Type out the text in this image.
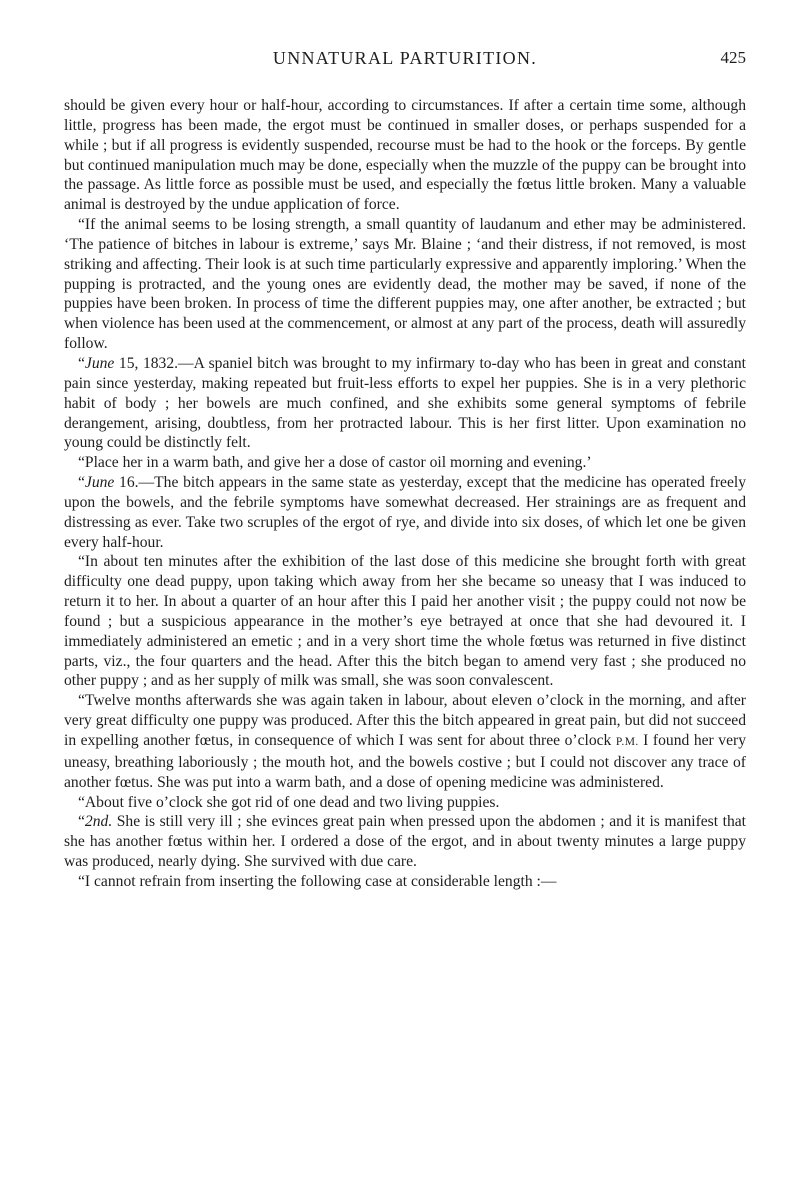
UNNATURAL PARTURITION.	425

should be given every hour or half-hour, according to circumstances. If after a certain time some, although little, progress has been made, the ergot must be continued in smaller doses, or perhaps suspended for a while ; but if all progress is evidently suspended, recourse must be had to the hook or the forceps. By gentle but continued manipulation much may be done, especially when the muzzle of the puppy can be brought into the passage. As little force as possible must be used, and especially the fœtus little broken. Many a valuable animal is destroyed by the undue application of force.

“If the animal seems to be losing strength, a small quantity of laudanum and ether may be administered. ‘The patience of bitches in labour is extreme,’ says Mr. Blaine ; ‘and their distress, if not removed, is most striking and affecting. Their look is at such time particularly expressive and apparently imploring.’ When the pupping is protracted, and the young ones are evidently dead, the mother may be saved, if none of the puppies have been broken. In process of time the different puppies may, one after another, be extracted ; but when violence has been used at the commencement, or almost at any part of the process, death will assuredly follow.

“June 15, 1832.—A spaniel bitch was brought to my infirmary to-day who has been in great and constant pain since yesterday, making repeated but fruit-less efforts to expel her puppies. She is in a very plethoric habit of body ; her bowels are much confined, and she exhibits some general symptoms of febrile derangement, arising, doubtless, from her protracted labour. This is her first litter. Upon examination no young could be distinctly felt.

“Place her in a warm bath, and give her a dose of castor oil morning and evening.’

“June 16.—The bitch appears in the same state as yesterday, except that the medicine has operated freely upon the bowels, and the febrile symptoms have somewhat decreased. Her strainings are as frequent and distressing as ever. Take two scruples of the ergot of rye, and divide into six doses, of which let one be given every half-hour.

“In about ten minutes after the exhibition of the last dose of this medicine she brought forth with great difficulty one dead puppy, upon taking which away from her she became so uneasy that I was induced to return it to her. In about a quarter of an hour after this I paid her another visit ; the puppy could not now be found ; but a suspicious appearance in the mother’s eye betrayed at once that she had devoured it. I immediately administered an emetic ; and in a very short time the whole fœtus was returned in five distinct parts, viz., the four quarters and the head. After this the bitch began to amend very fast ; she produced no other puppy ; and as her supply of milk was small, she was soon convalescent.

“Twelve months afterwards she was again taken in labour, about eleven o’clock in the morning, and after very great difficulty one puppy was produced. After this the bitch appeared in great pain, but did not succeed in expelling another fœtus, in consequence of which I was sent for about three o’clock P.M. I found her very uneasy, breathing laboriously ; the mouth hot, and the bowels costive ; but I could not discover any trace of another fœtus. She was put into a warm bath, and a dose of opening medicine was administered.

“About five o’clock she got rid of one dead and two living puppies.

“2nd. She is still very ill ; she evinces great pain when pressed upon the abdomen ; and it is manifest that she has another fœtus within her. I ordered a dose of the ergot, and in about twenty minutes a large puppy was produced, nearly dying. She survived with due care.

“I cannot refrain from inserting the following case at considerable length :—
